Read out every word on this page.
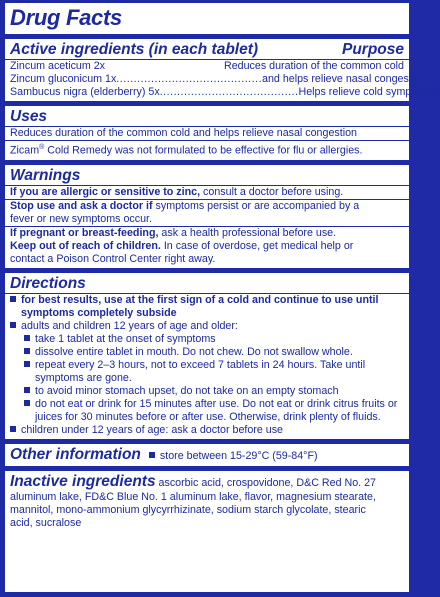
Drug Facts
Active ingredients (in each tablet)	Purpose
Zincum aceticum 2x	Reduces duration of the common cold
Zincum gluconicum 1x .......................................... and helps relieve nasal congestion
Sambucus nigra (elderberry) 5x ........................................ Helps relieve cold symptoms‡
Uses
Reduces duration of the common cold and helps relieve nasal congestion
Zicam® Cold Remedy was not formulated to be effective for flu or allergies.
Warnings
If you are allergic or sensitive to zinc, consult a doctor before using.
Stop use and ask a doctor if symptoms persist or are accompanied by a
fever or new symptoms occur.
If pregnant or breast-feeding, ask a health professional before use.
Keep out of reach of children. In case of overdose, get medical help or
contact a Poison Control Center right away.
Directions
for best results, use at the first sign of a cold and continue to use until
symptoms completely subside
adults and children 12 years of age and older:
take 1 tablet at the onset of symptoms
dissolve entire tablet in mouth. Do not chew. Do not swallow whole.
repeat every 2–3 hours, not to exceed 7 tablets in 24 hours. Take until
symptoms are gone.
to avoid minor stomach upset, do not take on an empty stomach
do not eat or drink for 15 minutes after use. Do not eat or drink citrus fruits or
juices for 30 minutes before or after use. Otherwise, drink plenty of fluids.
children under 12 years of age: ask a doctor before use
Other information	store between 15-29°C (59-84°F)
Inactive ingredients ascorbic acid, crospovidone, D&C Red No. 27
aluminum lake, FD&C Blue No. 1 aluminum lake, flavor, magnesium stearate,
mannitol, mono-ammonium glycyrrhizinate, sodium starch glycolate, stearic
acid, sucralose
